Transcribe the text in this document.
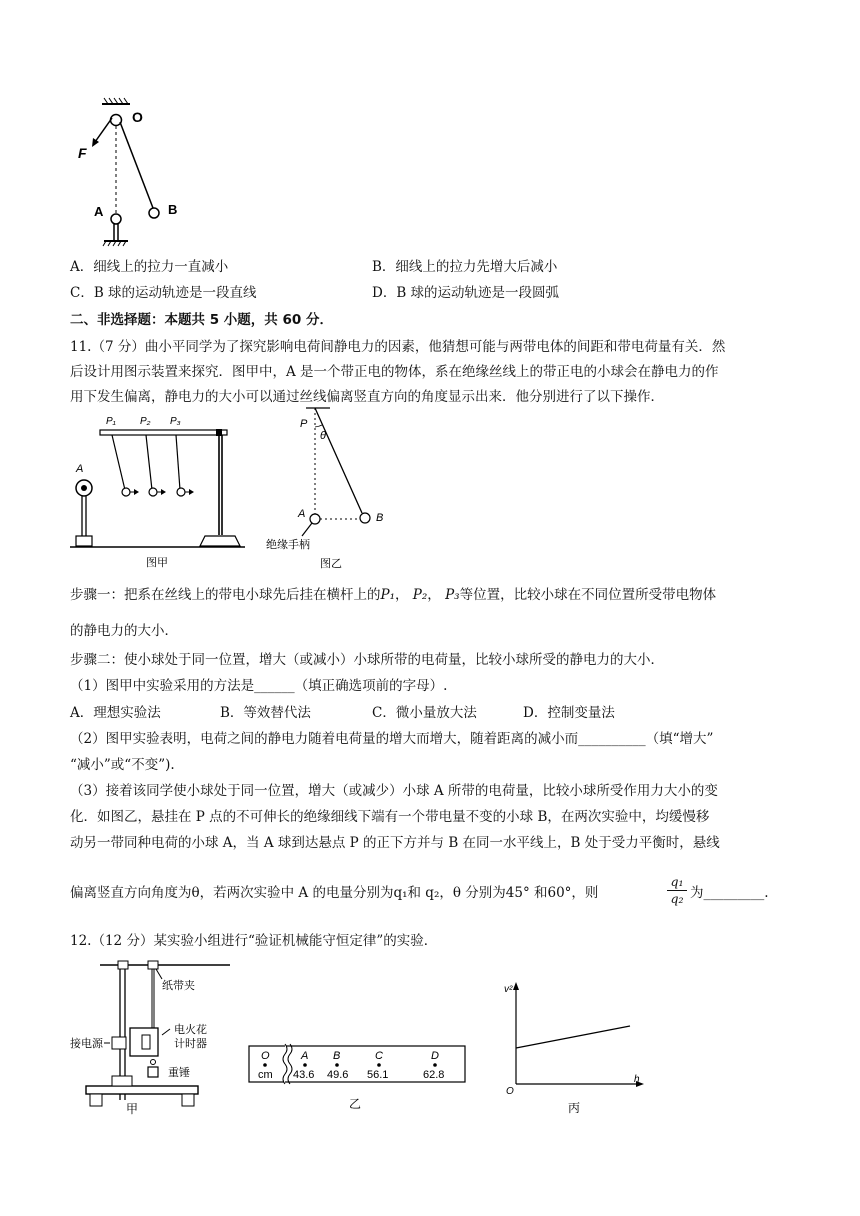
O
F
A	B
A．细线上的拉力一直减小	B．细线上的拉力先增大后减小
C．B 球的运动轨迹是一段直线	D．B 球的运动轨迹是一段圆弧
二、非选择题：本题共 5 小题，共 60 分．
11.（7 分）曲小平同学为了探究影响电荷间静电力的因素，他猜想可能与两带电体的间距和带电荷量有关．然
后设计用图示装置来探究．图甲中，A 是一个带正电的物体，系在绝缘丝线上的带正电的小球会在静电力的作
用下发生偏离，静电力的大小可以通过丝线偏离竖直方向的角度显示出来．他分别进行了以下操作．
P₁ P₂ P₃
A
图甲
P
θ
A	B
绝缘手柄
图乙
步骤一：把系在丝线上的带电小球先后挂在横杆上的P₁， P₂， P₃等位置，比较小球在不同位置所受带电物体
的静电力的大小．
步骤二：使小球处于同一位置，增大（或减小）小球所带的电荷量，比较小球所受的静电力的大小．
（1）图甲中实验采用的方法是______（填正确选项前的字母）.
A．理想实验法	B．等效替代法	C．微小量放大法	D．控制变量法
（2）图甲实验表明，电荷之间的静电力随着电荷量的增大而增大，随着距离的减小而__________（填“增大”
“减小”或“不变”).
（3）接着该同学使小球处于同一位置，增大（或减少）小球 A 所带的电荷量，比较小球所受作用力大小的变
化．如图乙，悬挂在 P 点的不可伸长的绝缘细线下端有一个带电量不变的小球 B，在两次实验中，均缓慢移
动另一带同种电荷的小球 A，当 A 球到达悬点 P 的正下方并与 B 在同一水平线上，B 处于受力平衡时，悬线
偏离竖直方向角度为θ，若两次实验中 A 的电量分别为q₁和 q₂，θ 分别为45° 和60°，则	$\frac{\text{q₁}}{\text{q₂}}$ 为_________.
12.（12 分）某实验小组进行“验证机械能守恒定律”的实验．
纸带夹
接电源
电火花
计时器
重锤
甲
O	A B	C	D
cm 43.6 49.6 56.1	62.8
乙
v²
h
O
丙
